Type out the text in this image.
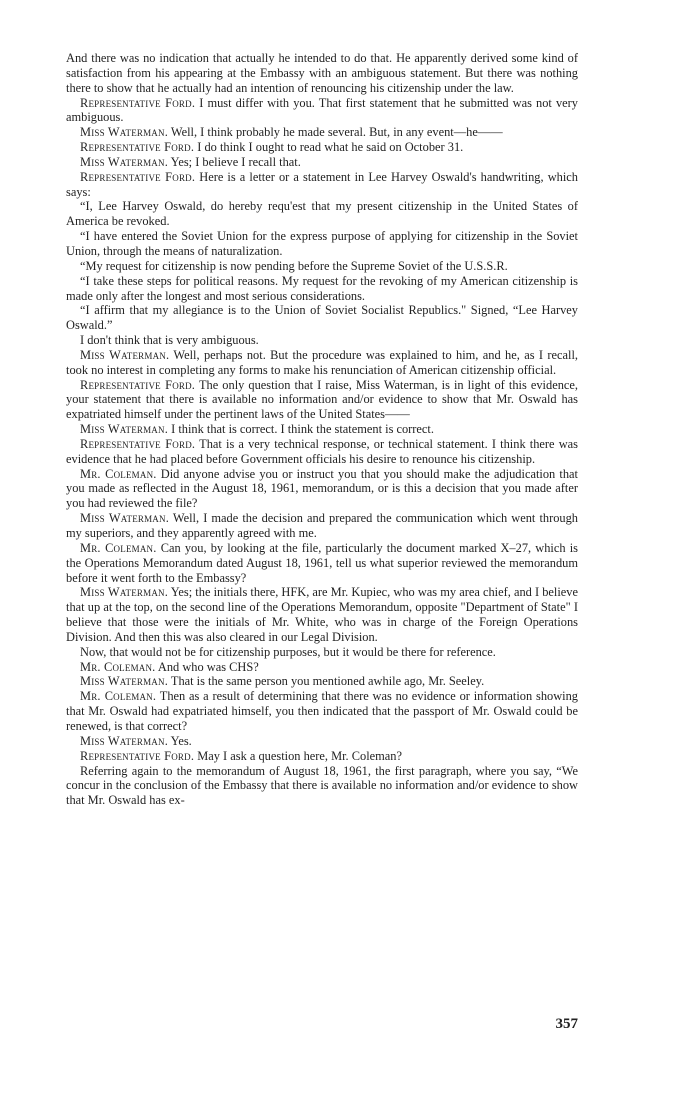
And there was no indication that actually he intended to do that. He apparently derived some kind of satisfaction from his appearing at the Embassy with an ambiguous statement. But there was nothing there to show that he actually had an intention of renouncing his citizenship under the law.

Representative Ford. I must differ with you. That first statement that he submitted was not very ambiguous.

Miss Waterman. Well, I think probably he made several. But, in any event—he——

Representative Ford. I do think I ought to read what he said on October 31.

Miss Waterman. Yes; I believe I recall that.

Representative Ford. Here is a letter or a statement in Lee Harvey Oswald's handwriting, which says:

“I, Lee Harvey Oswald, do hereby requ'est that my present citizenship in the United States of America be revoked.

“I have entered the Soviet Union for the express purpose of applying for citizenship in the Soviet Union, through the means of naturalization.

“My request for citizenship is now pending before the Supreme Soviet of the U.S.S.R.

“I take these steps for political reasons. My request for the revoking of my American citizenship is made only after the longest and most serious considerations.

“I affirm that my allegiance is to the Union of Soviet Socialist Republics." Signed, “Lee Harvey Oswald.”

I don't think that is very ambiguous.

Miss Waterman. Well, perhaps not. But the procedure was explained to him, and he, as I recall, took no interest in completing any forms to make his renunciation of American citizenship official.

Representative Ford. The only question that I raise, Miss Waterman, is in light of this evidence, your statement that there is available no information and/or evidence to show that Mr. Oswald has expatriated himself under the pertinent laws of the United States——

Miss Waterman. I think that is correct. I think the statement is correct.

Representative Ford. That is a very technical response, or technical statement. I think there was evidence that he had placed before Government officials his desire to renounce his citizenship.

Mr. Coleman. Did anyone advise you or instruct you that you should make the adjudication that you made as reflected in the August 18, 1961, memorandum, or is this a decision that you made after you had reviewed the file?

Miss Waterman. Well, I made the decision and prepared the communication which went through my superiors, and they apparently agreed with me.

Mr. Coleman. Can you, by looking at the file, particularly the document marked X–27, which is the Operations Memorandum dated August 18, 1961, tell us what superior reviewed the memorandum before it went forth to the Embassy?

Miss Waterman. Yes; the initials there, HFK, are Mr. Kupiec, who was my area chief, and I believe that up at the top, on the second line of the Operations Memorandum, opposite "Department of State" I believe that those were the initials of Mr. White, who was in charge of the Foreign Operations Division. And then this was also cleared in our Legal Division.

Now, that would not be for citizenship purposes, but it would be there for reference.

Mr. Coleman. And who was CHS?

Miss Waterman. That is the same person you mentioned awhile ago, Mr. Seeley.

Mr. Coleman. Then as a result of determining that there was no evidence or information showing that Mr. Oswald had expatriated himself, you then indicated that the passport of Mr. Oswald could be renewed, is that correct?

Miss Waterman. Yes.

Representative Ford. May I ask a question here, Mr. Coleman?

Referring again to the memorandum of August 18, 1961, the first paragraph, where you say, “We concur in the conclusion of the Embassy that there is available no information and/or evidence to show that Mr. Oswald has ex-

357
